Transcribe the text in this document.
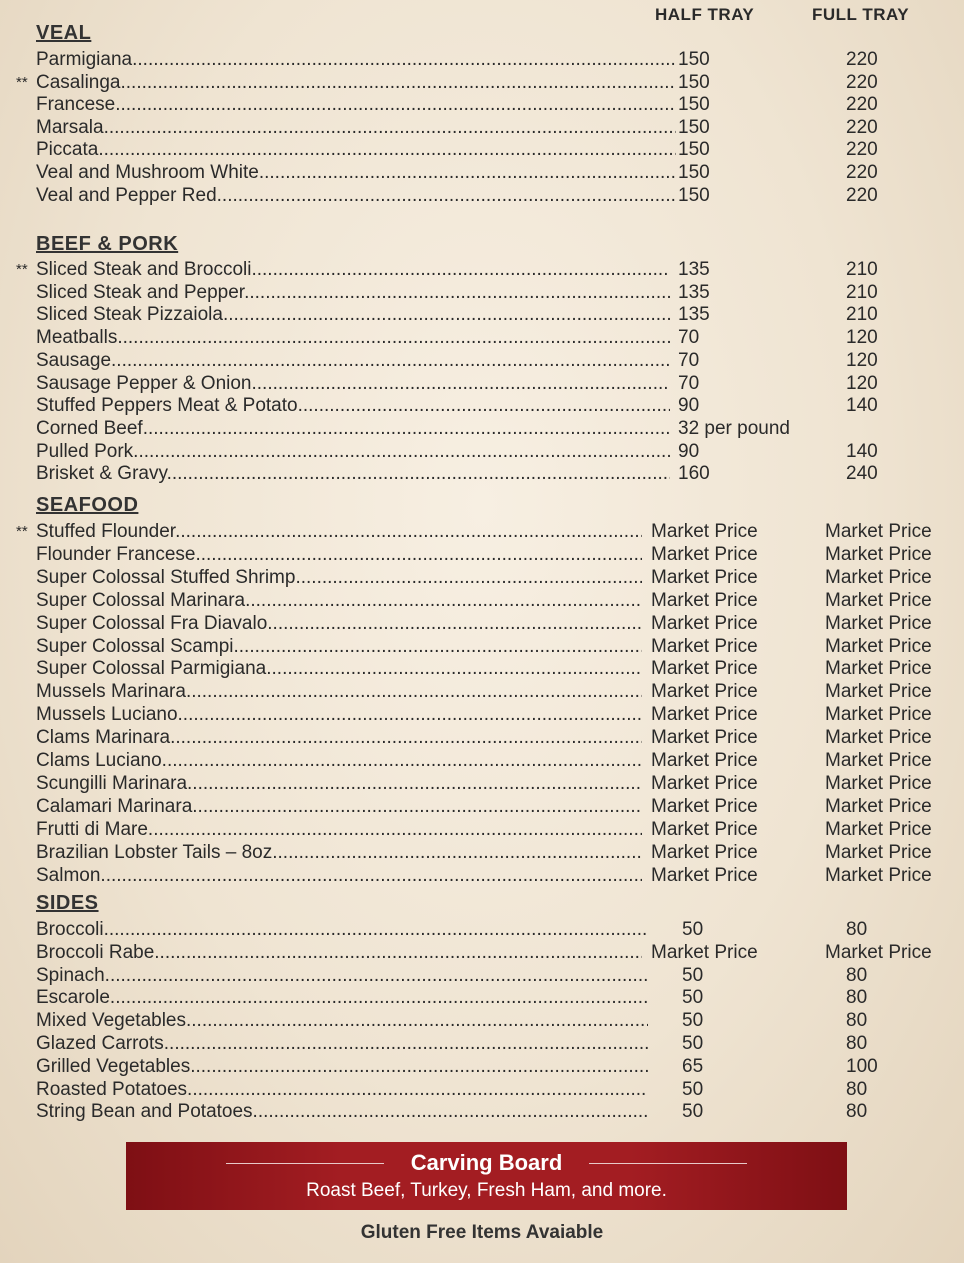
HALF TRAY	FULL TRAY
VEAL
Parmigiana .....	150	220
** Casalinga .....	150	220
Francese .....	150	220
Marsala .....	150	220
Piccata .....	150	220
Veal and Mushroom White .....	150	220
Veal and Pepper Red .....	150	220
BEEF & PORK
** Sliced Steak and Broccoli .....	135	210
Sliced Steak and Pepper .....	135	210
Sliced Steak Pizzaiola .....	135	210
Meatballs .....	70	120
Sausage .....	70	120
Sausage Pepper & Onion .....	70	120
Stuffed Peppers Meat & Potato .....	90	140
Corned Beef .....	32 per pound
Pulled Pork .....	90	140
Brisket & Gravy .....	160	240
SEAFOOD
** Stuffed Flounder .....	Market Price	Market Price
Flounder Francese .....	Market Price	Market Price
Super Colossal Stuffed Shrimp .....	Market Price	Market Price
Super Colossal Marinara .....	Market Price	Market Price
Super Colossal Fra Diavalo .....	Market Price	Market Price
Super Colossal Scampi .....	Market Price	Market Price
Super Colossal Parmigiana .....	Market Price	Market Price
Mussels Marinara .....	Market Price	Market Price
Mussels Luciano .....	Market Price	Market Price
Clams Marinara .....	Market Price	Market Price
Clams Luciano .....	Market Price	Market Price
Scungilli Marinara .....	Market Price	Market Price
Calamari Marinara .....	Market Price	Market Price
Frutti di Mare .....	Market Price	Market Price
Brazilian Lobster Tails – 8oz .....	Market Price	Market Price
Salmon .....	Market Price	Market Price
SIDES
Broccoli .....	50	80
Broccoli Rabe .....	Market Price	Market Price
Spinach .....	50	80
Escarole .....	50	80
Mixed Vegetables .....	50	80
Glazed Carrots .....	50	80
Grilled Vegetables .....	65	100
Roasted Potatoes .....	50	80
String Bean and Potatoes .....	50	80
Carving Board
Roast Beef, Turkey, Fresh Ham, and more.
Gluten Free Items Avaiable
